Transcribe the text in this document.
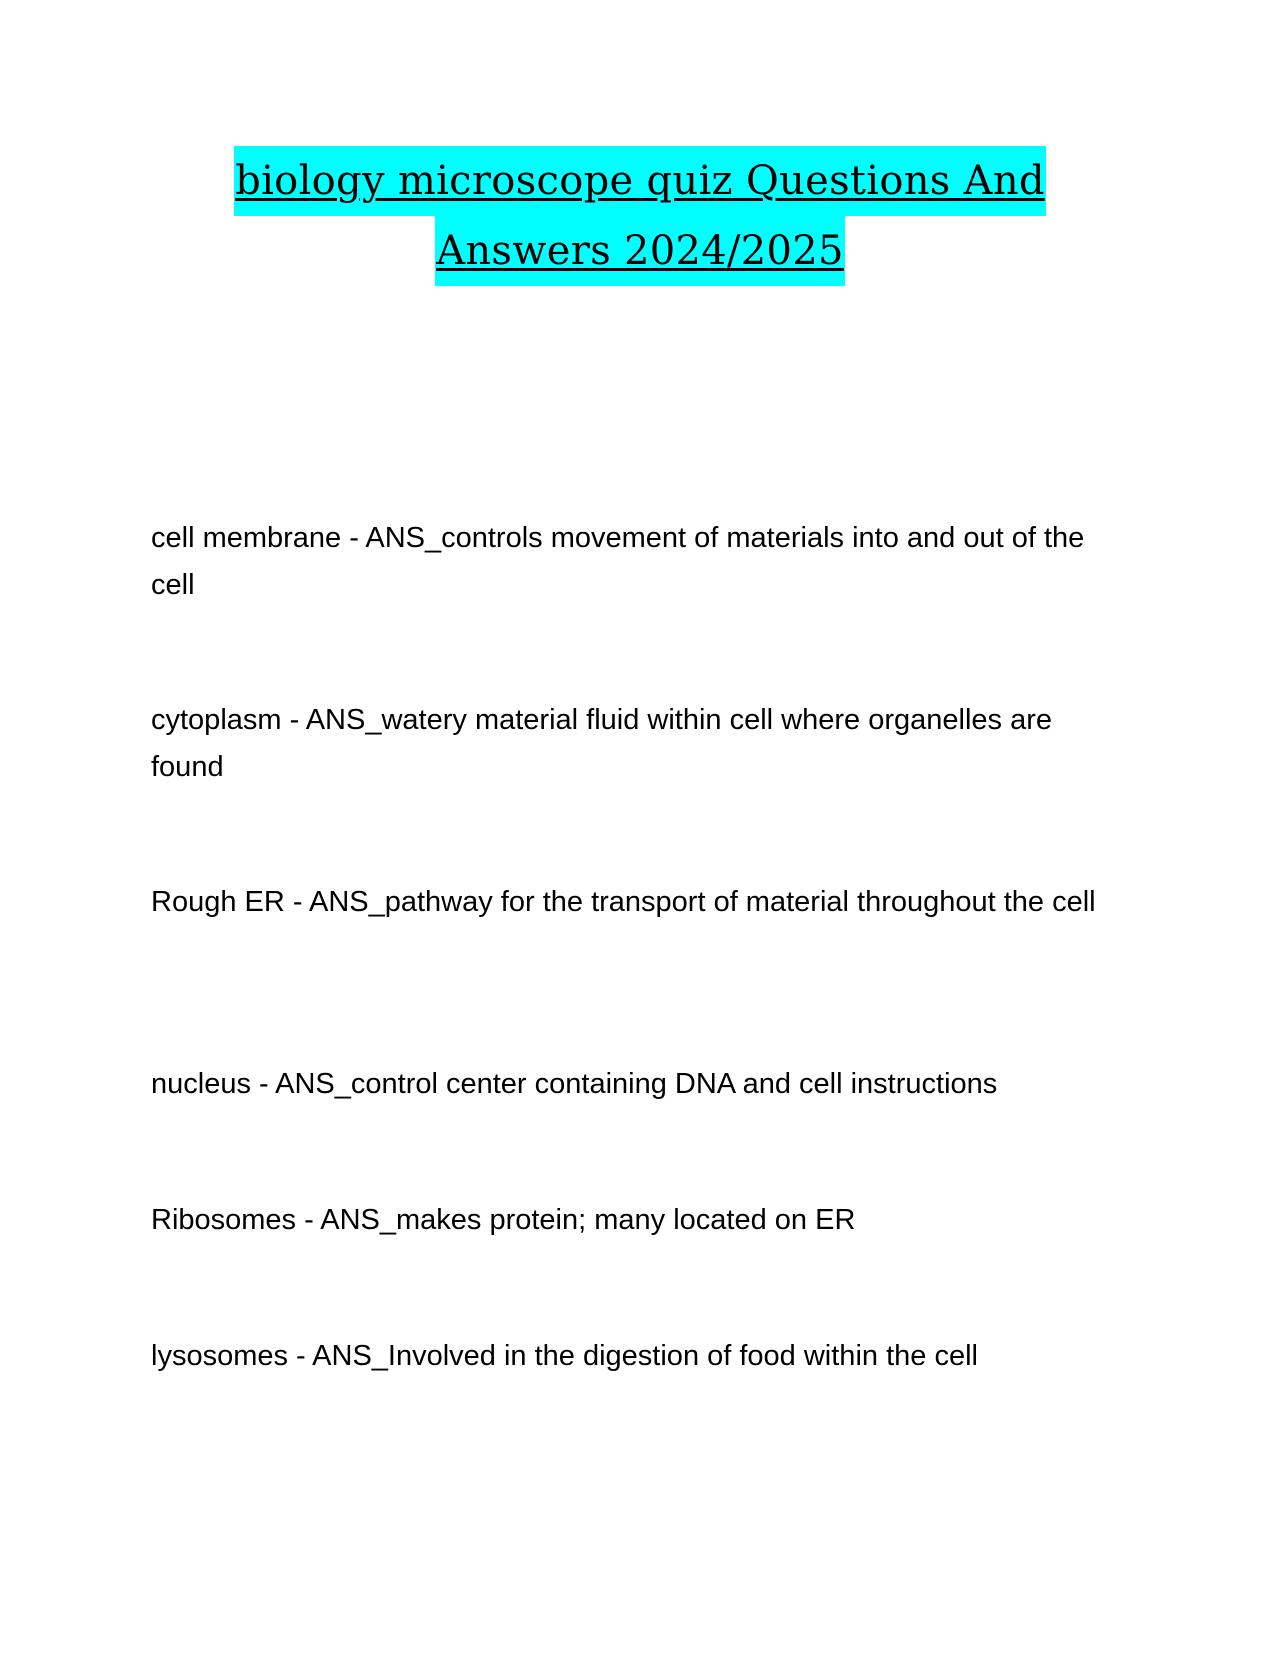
biology microscope quiz Questions And
Answers 2024/2025
cell membrane - ANS_controls movement of materials into and out of the cell
cytoplasm - ANS_watery material fluid within cell where organelles are found
Rough ER - ANS_pathway for the transport of material throughout the cell
nucleus - ANS_control center containing DNA and cell instructions
Ribosomes - ANS_makes protein; many located on ER
lysosomes - ANS_Involved in the digestion of food within the cell
